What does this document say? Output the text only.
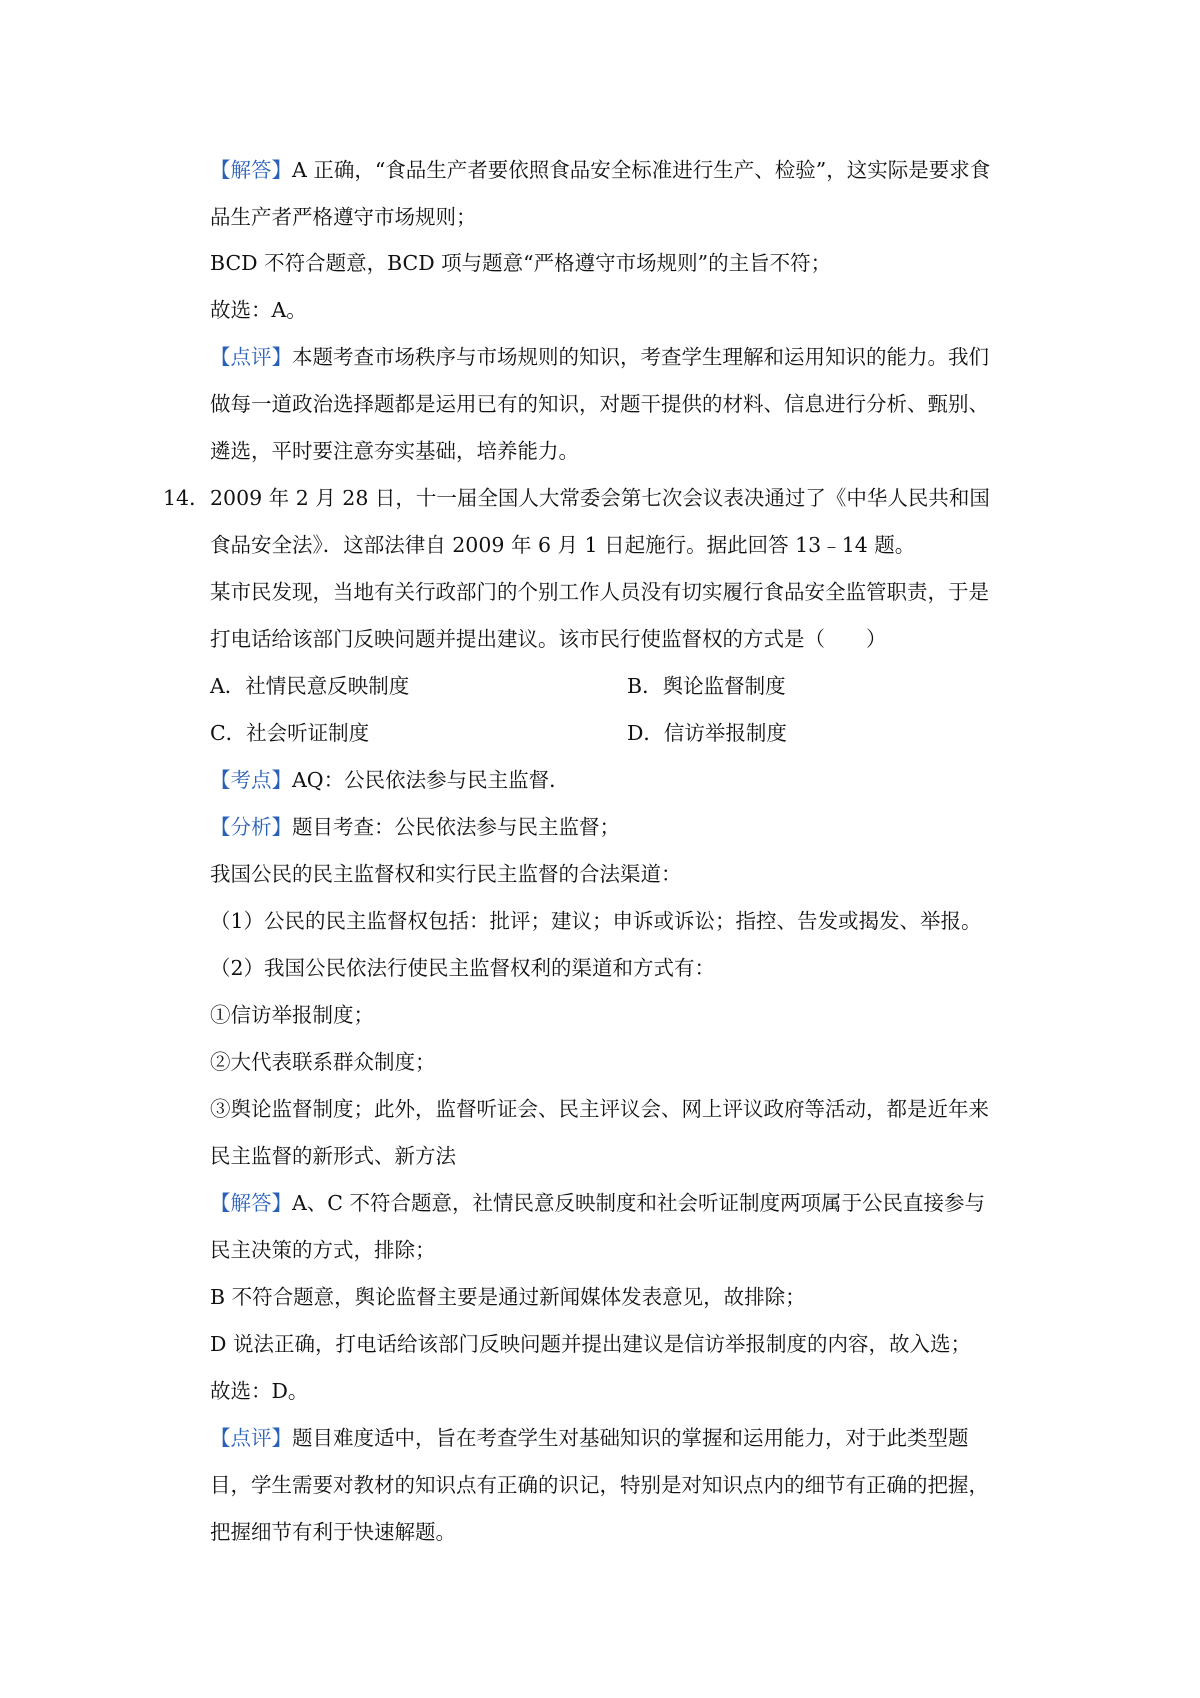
【解答】A 正确，“食品生产者要依照食品安全标准进行生产、检验”，这实际是要求食
品生产者严格遵守市场规则；
BCD 不符合题意，BCD 项与题意“严格遵守市场规则”的主旨不符；
故选：A。
【点评】本题考查市场秩序与市场规则的知识，考查学生理解和运用知识的能力。我们
做每一道政治选择题都是运用已有的知识，对题干提供的材料、信息进行分析、甄别、
遴选，平时要注意夯实基础，培养能力。
14． 2009 年 2 月 28 日，十一届全国人大常委会第七次会议表决通过了《中华人民共和国
食品安全法》．这部法律自 2009 年 6 月 1 日起施行。据此回答 13﹣14 题。
某市民发现，当地有关行政部门的个别工作人员没有切实履行食品安全监管职责，于是
打电话给该部门反映问题并提出建议。该市民行使监督权的方式是（　　）
A．社情民意反映制度	B．舆论监督制度
C．社会听证制度	D．信访举报制度
【考点】AQ：公民依法参与民主监督．
【分析】题目考查：公民依法参与民主监督；
我国公民的民主监督权和实行民主监督的合法渠道：
（1）公民的民主监督权包括：批评；建议；申诉或诉讼；指控、告发或揭发、举报。
（2）我国公民依法行使民主监督权利的渠道和方式有：
①信访举报制度；
②大代表联系群众制度；
③舆论监督制度；此外，监督听证会、民主评议会、网上评议政府等活动，都是近年来
民主监督的新形式、新方法
【解答】A、C 不符合题意，社情民意反映制度和社会听证制度两项属于公民直接参与
民主决策的方式，排除；
B 不符合题意，舆论监督主要是通过新闻媒体发表意见，故排除；
D 说法正确，打电话给该部门反映问题并提出建议是信访举报制度的内容，故入选；
故选：D。
【点评】题目难度适中，旨在考查学生对基础知识的掌握和运用能力，对于此类型题
目，学生需要对教材的知识点有正确的识记，特别是对知识点内的细节有正确的把握，
把握细节有利于快速解题。
